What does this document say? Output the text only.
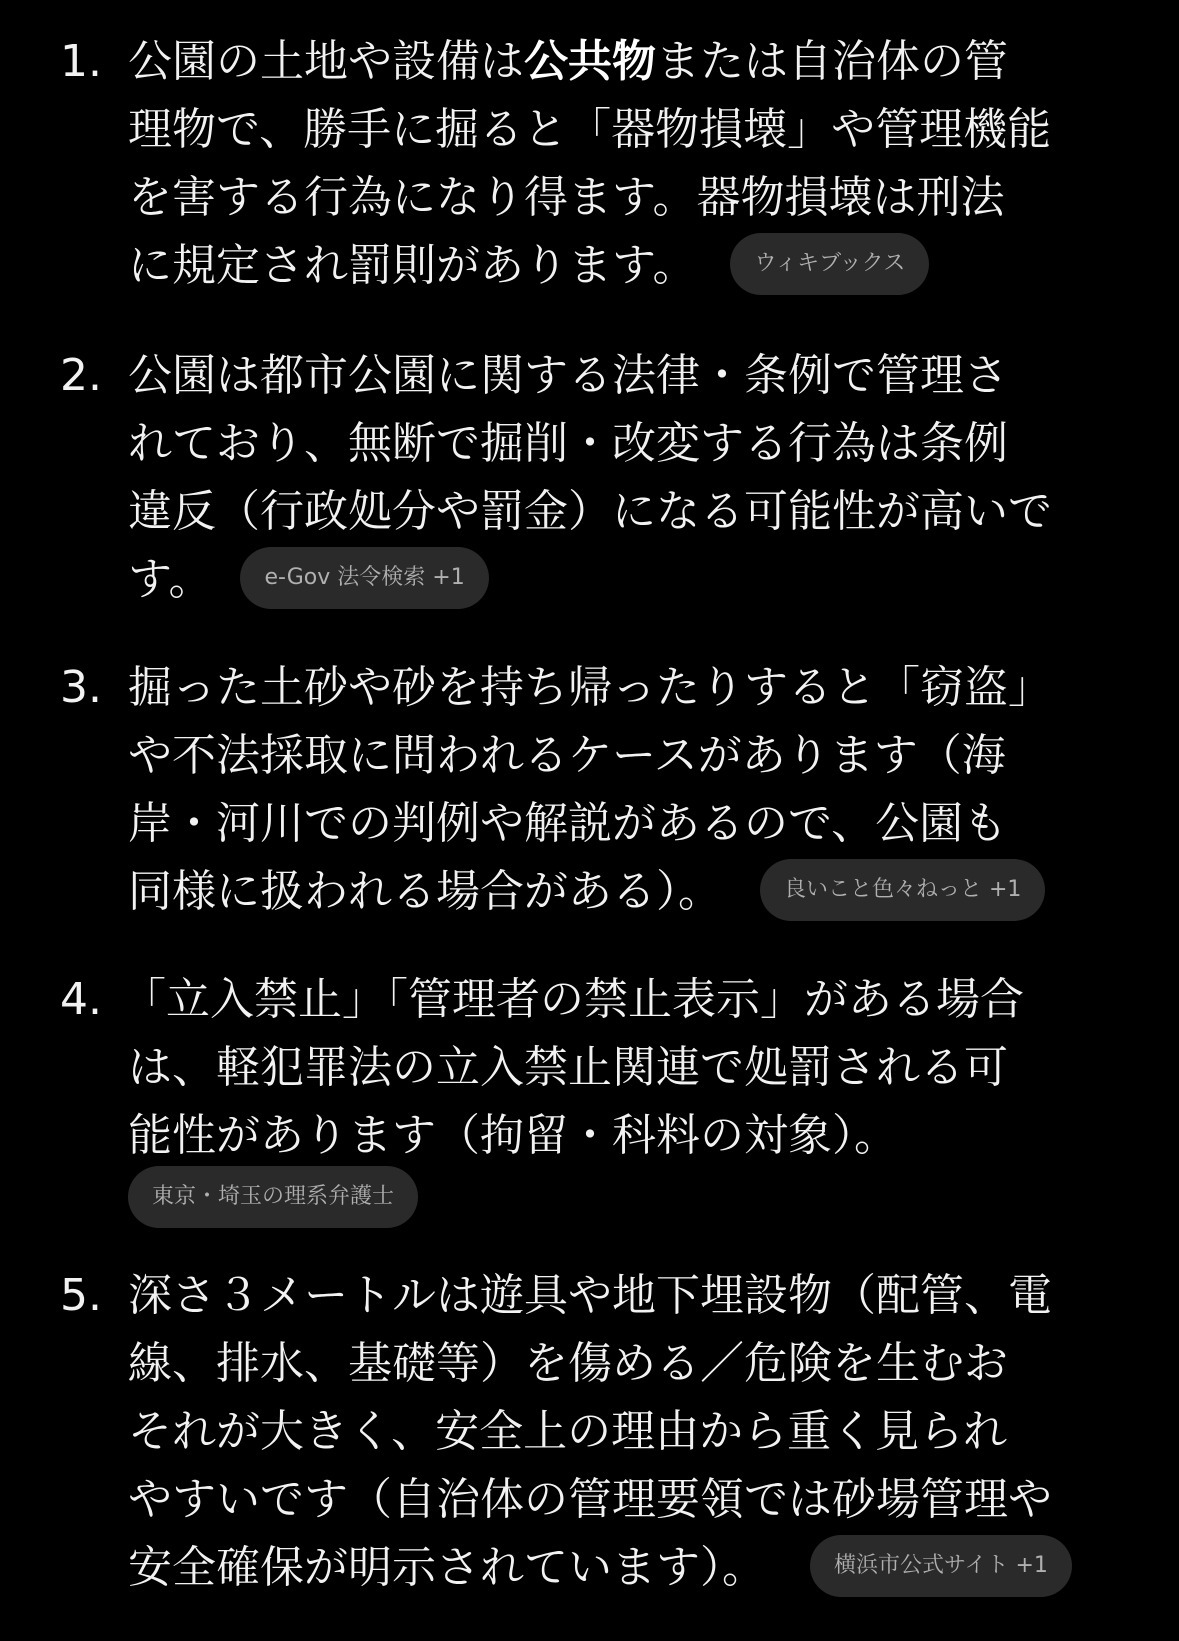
1. 公園の土地や設備は公共物または自治体の管
理物で、勝手に掘ると「器物損壊」や管理機能
を害する行為になり得ます。器物損壊は刑法
に規定され罰則があります。	ウィキブックス
2. 公園は都市公園に関する法律・条例で管理さ
れており、無断で掘削・改変する行為は条例
違反（行政処分や罰金）になる可能性が高いで
す。 e-Gov 法令検索 +1
3. 掘った土砂や砂を持ち帰ったりすると「窃盗」
や不法採取に問われるケースがあります（海
岸・河川での判例や解説があるので、公園も
同様に扱われる場合がある）。	良いこと色々ねっと +1
4. 「立入禁止」「管理者の禁止表示」がある場合
は、軽犯罪法の立入禁止関連で処罰される可
能性があります（拘留・科料の対象）。
東京・埼玉の理系弁護士
5. 深さ３メートルは遊具や地下埋設物（配管、電
線、排水、基礎等）を傷める／危険を生むお
それが大きく、安全上の理由から重く見られ
やすいです（自治体の管理要領では砂場管理や
安全確保が明示されています）。	横浜市公式サイト +1
